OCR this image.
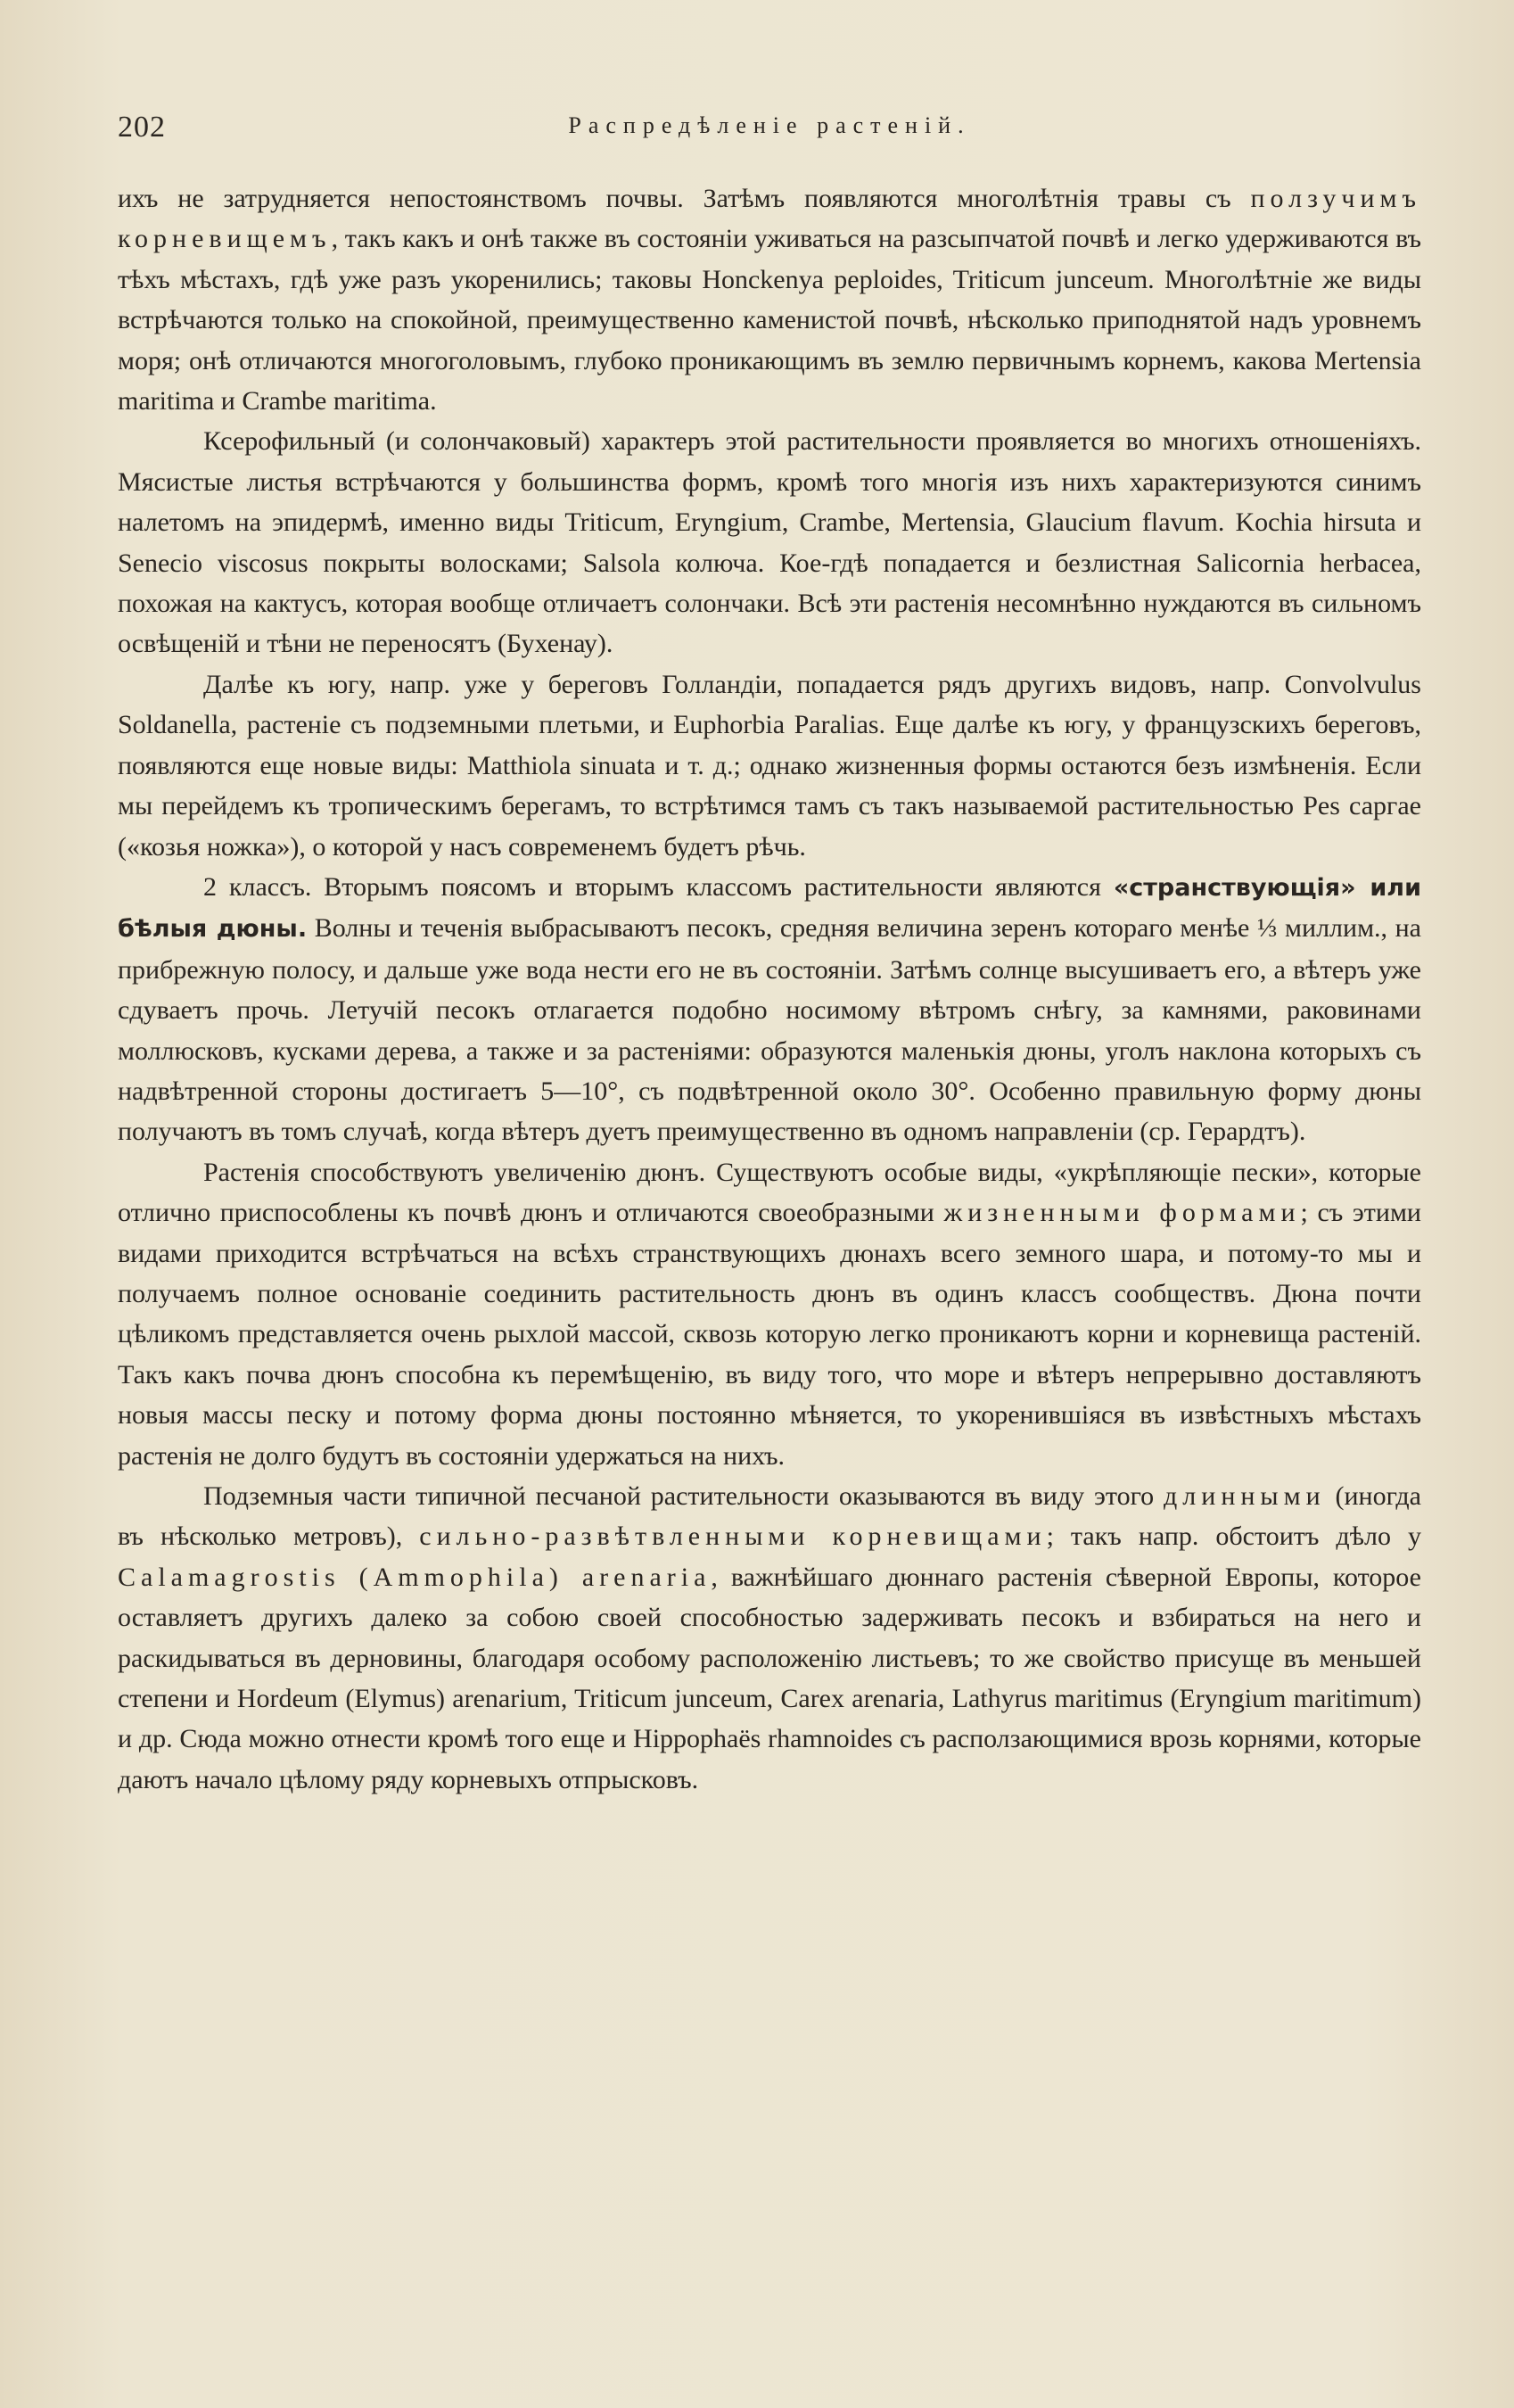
202	Распредѣленіе растеній.

ихъ не затрудняется непостоянствомъ почвы. Затѣмъ появляются многолѣтнія травы съ ползучимъ корневищемъ, такъ какъ и онѣ также въ состояніи уживаться на разсыпчатой почвѣ и легко удерживаются въ тѣхъ мѣстахъ, гдѣ уже разъ укоренились; таковы Honckenya peploides, Triticum junceum. Многолѣтніе же виды встрѣчаются только на спокойной, преимущественно каменистой почвѣ, нѣсколько приподнятой надъ уровнемъ моря; онѣ отличаются многоголовымъ, глубоко проникающимъ въ землю первичнымъ корнемъ, какова Mertensia maritima и Crambe maritima.

Ксерофильный (и солончаковый) характеръ этой растительности проявляется во многихъ отношеніяхъ. Мясистые листья встрѣчаются у большинства формъ, кромѣ того многія изъ нихъ характеризуются синимъ налетомъ на эпидермѣ, именно виды Triticum, Eryngium, Crambe, Mertensia, Glaucium flavum. Kochia hirsuta и Senecio viscosus покрыты волосками; Salsola колюча. Кое-гдѣ попадается и безлистная Salicornia herbacea, похожая на кактусъ, которая вообще отличаетъ солончаки. Всѣ эти растенія несомнѣнно нуждаются въ сильномъ освѣщеній и тѣни не переносятъ (Бухенау).

Далѣе къ югу, напр. уже у береговъ Голландіи, попадается рядъ другихъ видовъ, напр. Convolvulus Soldanella, растеніе съ подземными плетьми, и Euphorbia Paralias. Еще далѣе къ югу, у французскихъ береговъ, появляются еще новые виды: Matthiola sinuata и т. д.; однако жизненныя формы остаются безъ измѣненія. Если мы перейдемъ къ тропическимъ берегамъ, то встрѣтимся тамъ съ такъ называемой растительностью Pes саргае («козья ножка»), о которой у насъ современемъ будетъ рѣчь.

2 классъ. Вторымъ поясомъ и вторымъ классомъ растительности являются «странствующія» или бѣлыя дюны. Волны и теченія выбрасываютъ песокъ, средняя величина зеренъ котораго менѣе ⅓ миллим., на прибрежную полосу, и дальше уже вода нести его не въ состояніи. Затѣмъ солнце высушиваетъ его, а вѣтеръ уже сдуваетъ прочь. Летучій песокъ отлагается подобно носимому вѣтромъ снѣгу, за камнями, раковинами моллюсковъ, кусками дерева, а также и за растеніями: образуются маленькія дюны, уголъ наклона которыхъ съ надвѣтренной стороны достигаетъ 5—10°, съ подвѣтренной около 30°. Особенно правильную форму дюны получаютъ въ томъ случаѣ, когда вѣтеръ дуетъ преимущественно въ одномъ направленіи (ср. Герардтъ).

Растенія способствуютъ увеличенію дюнъ. Существуютъ особые виды, «укрѣпляющіе пески», которые отлично приспособлены къ почвѣ дюнъ и отличаются своеобразными жизненными формами; съ этими видами приходится встрѣчаться на всѣхъ странствующихъ дюнахъ всего земного шара, и потому-то мы и получаемъ полное основаніе соединить растительность дюнъ въ одинъ классъ сообществъ. Дюна почти цѣликомъ представляется очень рыхлой массой, сквозь которую легко проникаютъ корни и корневища растеній. Такъ какъ почва дюнъ способна къ перемѣщенію, въ виду того, что море и вѣтеръ непрерывно доставляютъ новыя массы песку и потому форма дюны постоянно мѣняется, то укоренившіяся въ извѣстныхъ мѣстахъ растенія не долго будутъ въ состояніи удержаться на нихъ.

Подземныя части типичной песчаной растительности оказываются въ виду этого длинными (иногда въ нѣсколько метровъ), сильно-развѣтвленными корневищами; такъ напр. обстоитъ дѣло у Calamagrostis (Ammophila) arenaria, важнѣйшаго дюннаго растенія сѣверной Европы, которое оставляетъ другихъ далеко за собою своей способностью задерживать песокъ и взбираться на него и раскидываться въ дерновины, благодаря особому расположенію листьевъ; то же свойство присуще въ меньшей степени и Hordeum (Elymus) arenarium, Triticum junceum, Carex arenaria, Lathyrus maritimus (Eryngium maritimum) и др. Сюда можно отнести кромѣ того еще и Hippophaës rhamnoides съ расползающимися врозь корнями, которые даютъ начало цѣлому ряду корневыхъ отпрысковъ.
